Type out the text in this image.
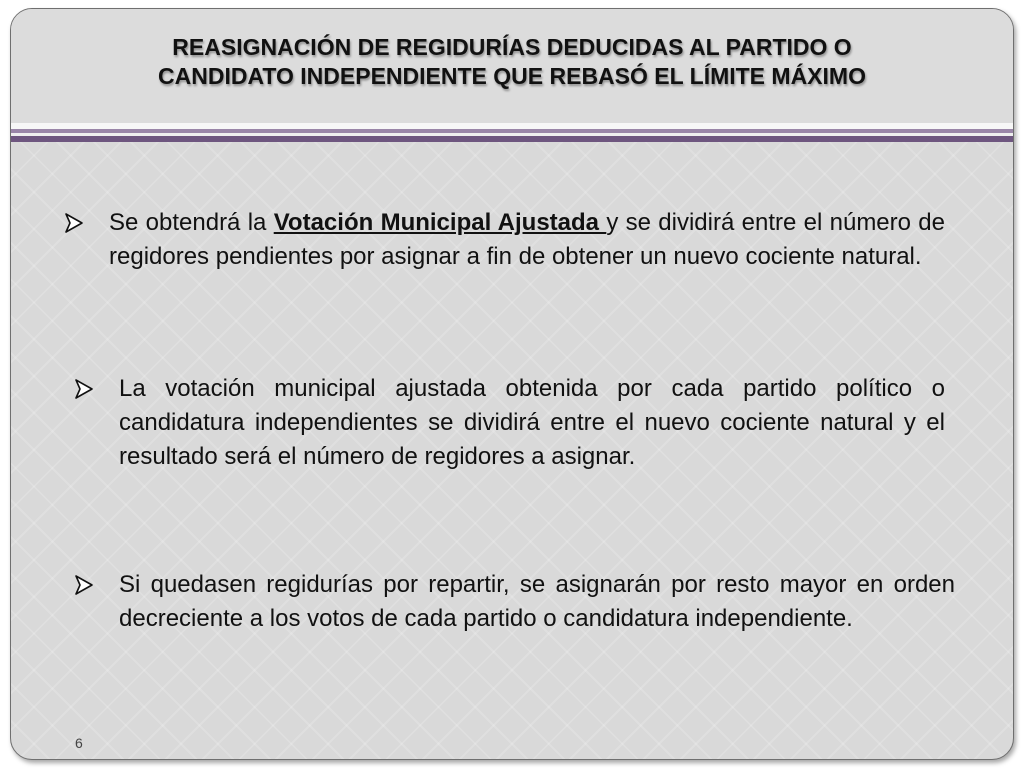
REASIGNACIÓN DE REGIDURÍAS DEDUCIDAS AL PARTIDO O
CANDIDATO INDEPENDIENTE QUE REBASÓ EL LÍMITE MÁXIMO
Se obtendrá la Votación Municipal Ajustada y se dividirá entre el número de regidores pendientes por asignar a fin de obtener un nuevo cociente natural.
La votación municipal ajustada obtenida por cada partido político o candidatura independientes se dividirá entre el nuevo cociente natural y el resultado será el número de regidores a asignar.
Si quedasen regidurías por repartir, se asignarán por resto mayor en orden decreciente a los votos de cada partido o candidatura independiente.
6
